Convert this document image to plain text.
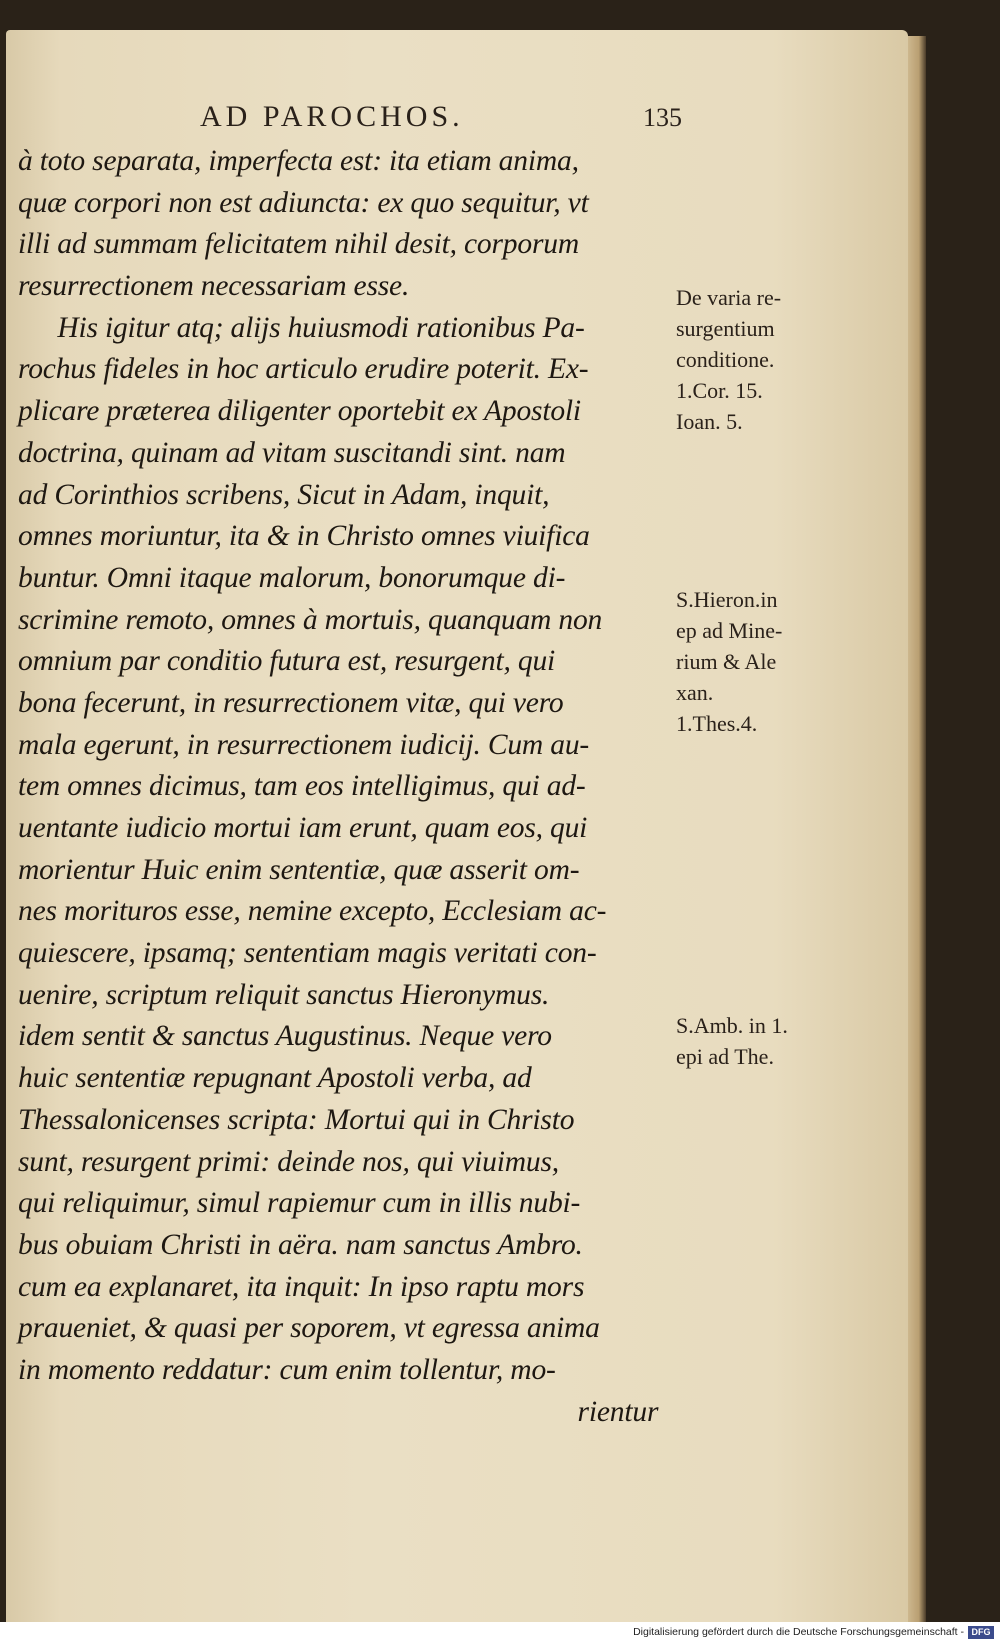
AD PAROCHOS.	135
à toto separata, imperfecta est: ita etiam anima,
quæ corpori non est adiuncta: ex quo sequitur, vt
illi ad summam felicitatem nihil desit, corporum
resurrectionem necessariam esse.
His igitur atq; alijs huiusmodi rationibus Pa-
rochus fideles in hoc articulo erudire poterit. Ex-
plicare præterea diligenter oportebit ex Apostoli
doctrina, quinam ad vitam suscitandi sint. nam
ad Corinthios scribens, Sicut in Adam, inquit,
omnes moriuntur, ita & in Christo omnes viuifica
buntur. Omni itaque malorum, bonorumque di-
scrimine remoto, omnes à mortuis, quanquam non
omnium par conditio futura est, resurgent, qui
bona fecerunt, in resurrectionem vitæ, qui vero
mala egerunt, in resurrectionem iudicij. Cum au-
tem omnes dicimus, tam eos intelligimus, qui ad-
uentante iudicio mortui iam erunt, quam eos, qui
morientur Huic enim sententiæ, quæ asserit om-
nes morituros esse, nemine excepto, Ecclesiam ac-
quiescere, ipsamq; sententiam magis veritati con-
uenire, scriptum reliquit sanctus Hieronymus.
idem sentit & sanctus Augustinus. Neque vero
huic sententiæ repugnant Apostoli verba, ad
Thessalonicenses scripta: Mortui qui in Christo
sunt, resurgent primi: deinde nos, qui viuimus,
qui reliquimur, simul rapiemur cum in illis nubi-
bus obuiam Christi in aëra. nam sanctus Ambro.
cum ea explanaret, ita inquit: In ipso raptu mors
praueniet, & quasi per soporem, vt egressa anima
in momento reddatur: cum enim tollentur, mo-
rientur
De varia re-
surgentium
conditione.
1.Cor. 15.
Ioan. 5.
S.Hieron.in
ep ad Mine-
rium & Ale
xan.
1.Thes.4.
S.Amb. in 1.
epi ad The.
Digitalisierung gefördert durch die Deutsche Forschungsgemeinschaft - DFG
